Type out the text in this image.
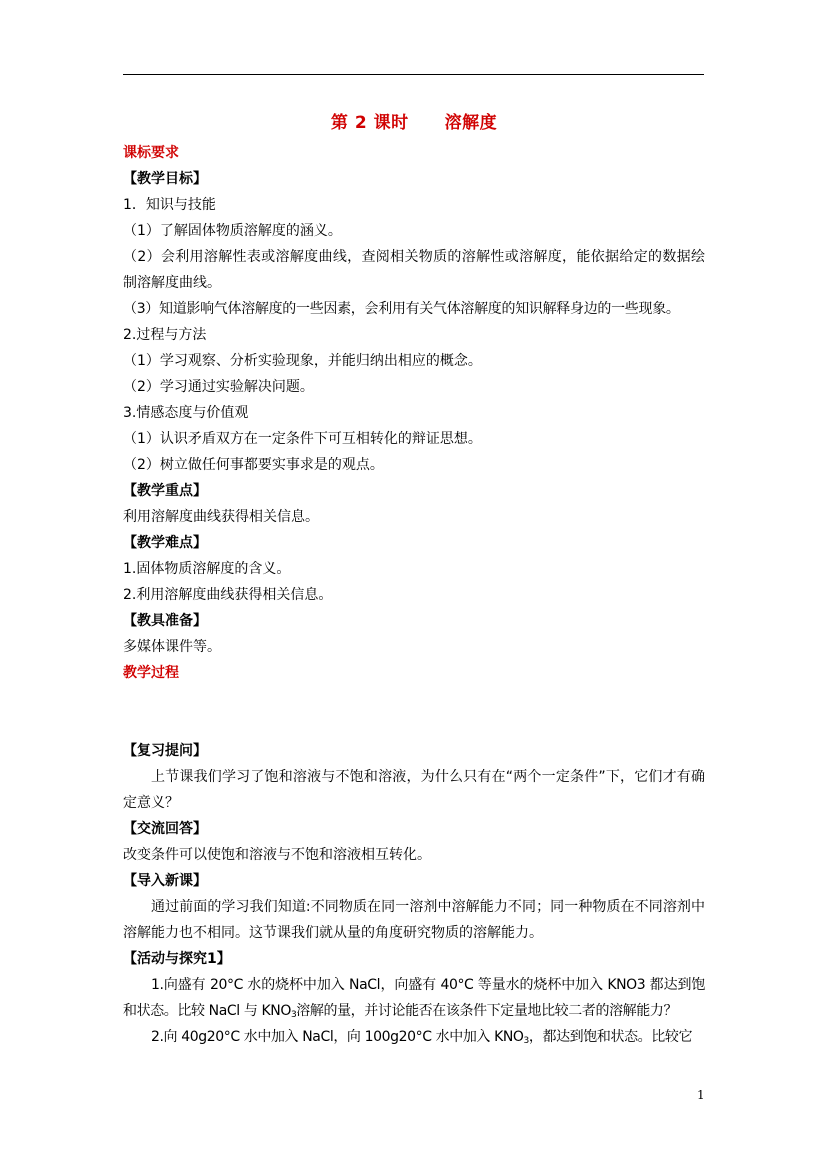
第 2 课时 溶解度

课标要求

【教学目标】

1．知识与技能

（1）了解固体物质溶解度的涵义。

（2）会利用溶解性表或溶解度曲线，查阅相关物质的溶解性或溶解度，能依据给定的数据绘制溶解度曲线。

（3）知道影响气体溶解度的一些因素，会利用有关气体溶解度的知识解释身边的一些现象。

2.过程与方法

（1）学习观察、分析实验现象，并能归纳出相应的概念。

（2）学习通过实验解决问题。

3.情感态度与价值观

（1）认识矛盾双方在一定条件下可互相转化的辩证思想。

（2）树立做任何事都要实事求是的观点。

【教学重点】

利用溶解度曲线获得相关信息。

【教学难点】

1.固体物质溶解度的含义。

2.利用溶解度曲线获得相关信息。

【教具准备】

多媒体课件等。

教学过程

【复习提问】

上节课我们学习了饱和溶液与不饱和溶液，为什么只有在“两个一定条件”下，它们才有确定意义？

【交流回答】

改变条件可以使饱和溶液与不饱和溶液相互转化。

【导入新课】

通过前面的学习我们知道:不同物质在同一溶剂中溶解能力不同；同一种物质在不同溶剂中溶解能力也不相同。这节课我们就从量的角度研究物质的溶解能力。

【活动与探究1】

1.向盛有 20°C 水的烧杯中加入 NaCl，向盛有 40°C 等量水的烧杯中加入 KNO3 都达到饱和状态。比较 NaCl 与 $KNO_3$溶解的量，并讨论能否在该条件下定量地比较二者的溶解能力？

2.向 40g20°C 水中加入 NaCl，向 100g20°C 水中加入 $KNO_3$，都达到饱和状态。比较它

1
